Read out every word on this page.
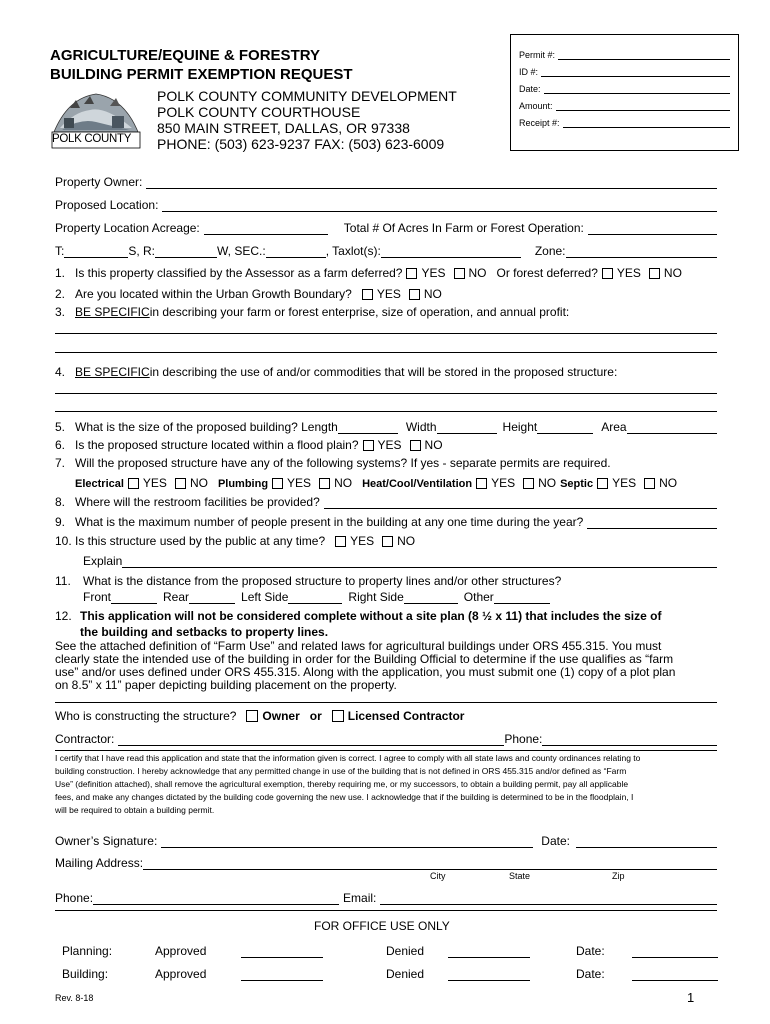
AGRICULTURE/EQUINE & FORESTRY
BUILDING PERMIT EXEMPTION REQUEST
POLK COUNTY
POLK COUNTY COMMUNITY DEVELOPMENT
POLK COUNTY COURTHOUSE
850 MAIN STREET, DALLAS, OR 97338
PHONE: (503) 623-9237 FAX: (503) 623-6009
Permit #:
ID #:
Date:
Amount:
Receipt #:
Property Owner:
Proposed Location:
Property Location Acreage:	Total # Of Acres In Farm or Forest Operation:
T:	S, R:	W, SEC.:	, Taxlot(s):	Zone:
1. Is this property classified by the Assessor as a farm deferred? YES NO Or forest deferred? YES NO
2. Are you located within the Urban Growth Boundary? YES NO
3. BE SPECIFIC in describing your farm or forest enterprise, size of operation, and annual profit:
4. BE SPECIFIC in describing the use of and/or commodities that will be stored in the proposed structure:
5. What is the size of the proposed building? Length	Width	Height	Area
6. Is the proposed structure located within a flood plain? YES NO
7. Will the proposed structure have any of the following systems? If yes - separate permits are required.
Electrical YES NO Plumbing YES NO Heat/Cool/Ventilation YES NO Septic YES NO
8. Where will the restroom facilities be provided?
9. What is the maximum number of people present in the building at any one time during the year?
10. Is this structure used by the public at any time? YES NO
Explain
11.	What is the distance from the proposed structure to property lines and/or other structures?
Front	Rear	Left Side	Right Side	Other
12. This application will not be considered complete without a site plan (8 ½ x 11) that includes the size of
the building and setbacks to property lines.
See the attached definition of “Farm Use” and related laws for agricultural buildings under ORS 455.315. You must
clearly state the intended use of the building in order for the Building Official to determine if the use qualifies as “farm
use” and/or uses defined under ORS 455.315. Along with the application, you must submit one (1) copy of a plot plan
on 8.5” x 11” paper depicting building placement on the property.
Who is constructing the structure? Owner or Licensed Contractor
Contractor:	Phone:
I certify that I have read this application and state that the information given is correct. I agree to comply with all state laws and county ordinances relating to
building construction. I hereby acknowledge that any permitted change in use of the building that is not defined in ORS 455.315 and/or defined as “Farm
Use” (definition attached), shall remove the agricultural exemption, thereby requiring me, or my successors, to obtain a building permit, pay all applicable
fees, and make any changes dictated by the building code governing the new use. I acknowledge that if the building is determined to be in the floodplain, I
will be required to obtain a building permit.
Owner’s Signature:	Date:
Mailing Address:
City	State	Zip
Phone:	Email:
FOR OFFICE USE ONLY
Planning:	Approved	Denied	Date:
Building:	Approved	Denied	Date:
Rev. 8-18	1
